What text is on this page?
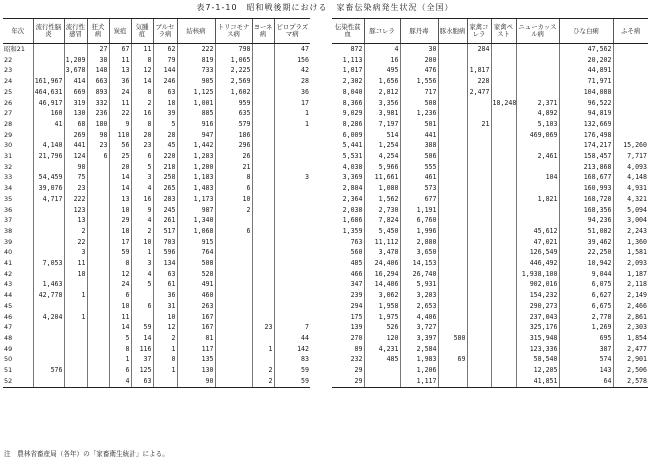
表7-1-10　昭和戦後期における　家畜伝染病発生状況（全国）
年次	流行性脳炎	流行性感冒	狂犬病	炭疽	気腫疽	ブルセラ病	結核病	トリコモナス病	ヨーネ病	ピロプラズマ病
昭和21			27	67	11	62	222	798		47
22		1,209	38	11	8	79	819	1,065		156
23		3,678	148	13	12	144	733	2,225		42
24	161,967	414	663	36	14	246	905	2,569		28
25	464,631	669	893	24	8	63	1,125	1,602		36
26	46,917	319	332	11	2	18	1,001	959		17
27	160	130	236	22	16	39	885	635		1
28	41	68	180	9	8	5	916	579		1
29		269	98	110	20	28	947	186		
30	4,140	441	23	56	23	45	1,442	296		
31	21,796	124	6	25	6	220	1,283	26		
32		98		20	5	218	1,200	21		
33	54,459	75		14	3	258	1,183	8		3
34	39,076	23		14	4	265	1,483	6		
35	4,717	222		13	16	283	1,173	10		
36		123		10	9	245	987	2		
37		13		29	4	261	1,340			
38		2		18	2	517	1,068	6		
39		22		17	10	703	915			
40		3		59	1	596	764			
41	7,053	11		8	3	134	508			
42		18		12	4	63	528			
43	1,463			24	5	61	491			
44	42,778	1		6		36	460			
45				10	6	31	263			
46	4,204	1		11		10	167			
47				14	59	12	167		23	7
48				5	14	2	81			44
49				8	116	1	117		1	142
50				1	37	0	135			83
51	576			6	125	1	130		2	59
52				4	63		90		2	59
伝染性貧血	豚コレラ	豚丹毒	豚水胞病	家禽コレラ	家禽ペスト	ニューカッスル病	ひな白痢	ふそ病
872	4	30		284			47,562	
1,113	16	200					20,202	
1,017	495	476		1,817			44,891	
2,302	1,656	1,556		228			71,971	
8,040	2,812	717		2,477			104,088	
8,366	3,356	508			18,248	2,371	96,522	
9,029	3,981	1,236				4,892	94,819	
8,286	7,197	501		21		5,103	132,669	
6,009	514	441				469,069	176,498	
5,441	1,254	388					174,217	15,260
5,531	4,254	506				2,461	158,457	7,717
4,038	5,966	555					213,868	4,093
3,369	11,661	461				104	168,677	4,148
2,804	1,080	573					160,993	4,931
2,364	1,562	677				1,821	168,720	4,321
2,038	2,730	1,191					168,356	5,094
1,686	7,824	6,760					94,236	3,004
1,359	5,450	1,996				45,612	51,082	2,243
763	11,112	2,880				47,021	39,462	1,360
560	3,478	3,650				126,549	22,250	1,581
485	24,406	14,153				446,492	10,942	2,093
466	16,294	26,740				1,938,100	9,044	1,187
347	14,406	5,931				902,016	6,075	2,118
239	3,062	3,203				154,232	6,627	2,149
294	1,958	2,653				290,273	6,675	2,466
175	1,975	4,406				237,043	2,778	2,861
139	526	3,727				325,176	1,269	2,303
270	120	3,397	580			315,948	695	1,854
89	4,231	2,584				123,336	387	2,477
232	485	1,983	69			58,540	574	2,901
29		1,206				12,205	143	2,506
29		1,117				41,851	64	2,578
注　農林省畜産局（各年）の「家畜衛生統計」による。
